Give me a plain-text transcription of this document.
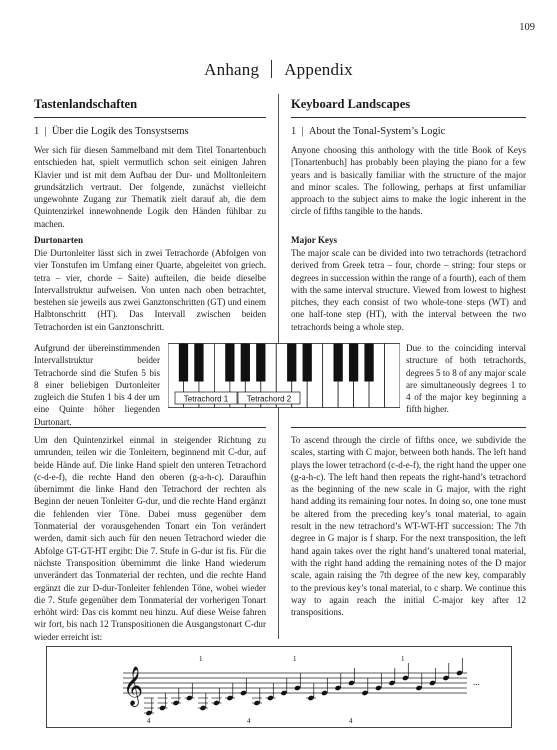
109
Anhang Appendix
Tastenlandschaften
1  |  Über die Logik des Tonsystsems

Wer sich für diesen Sammelband mit dem Titel Tonartenbuch entschieden hat, spielt vermutlich schon seit einigen Jahren Klavier und ist mit dem Aufbau der Dur- und Molltonleitern grundsätzlich vertraut. Der folgende, zunächst vielleicht ungewohnte Zugang zur Thematik zielt darauf ab, die dem Quintenzirkel innewohnende Logik den Händen fühlbar zu machen.

Durtonarten

Die Durtonleiter lässt sich in zwei Tetrachorde (Abfolgen von vier Tonstufen im Umfang einer Quarte, abgeleitet von griech. tetra – vier, chorde – Saite) aufteilen, die beide dieselbe Intervallstruktur aufweisen. Von unten nach oben betrachtet, bestehen sie jeweils aus zwei Ganztonschritten (GT) und einem Halbtonschritt (HT). Das Intervall zwischen beiden Tetrachorden ist ein Ganztonschritt.

Aufgrund der übereinstimmenden Intervallstruktur beider Tetrachorde sind die Stufen 5 bis 8 einer beliebigen Durtonleiter zugleich die Stufen 1 bis 4 der um eine Quinte höher liegenden Durtonart.

Um den Quintenzirkel einmal in steigender Richtung zu umrunden, teilen wir die Tonleitern, beginnend mit C-dur, auf beide Hände auf. Die linke Hand spielt den unteren Tetrachord (c-d-e-f), die rechte Hand den oberen (g-a-h-c). Daraufhin übernimmt die linke Hand den Tetrachord der rechten als Beginn der neuen Tonleiter G-dur, und die rechte Hand ergänzt die fehlenden vier Töne. Dabei muss gegenüber dem Tonmaterial der vorausgehenden Tonart ein Ton verändert werden, damit sich auch für den neuen Tetrachord wieder die Abfolge GT-GT-HT ergibt: Die 7. Stufe in G-dur ist fis. Für die nächste Transposition übernimmt die linke Hand wiederum unverändert das Tonmaterial der rechten, und die rechte Hand ergänzt die zur D-dur-Tonleiter fehlenden Töne, wobei wieder die 7. Stufe gegenüber dem Tonmaterial der vorherigen Tonart erhöht wird: Das cis kommt neu hinzu. Auf diese Weise fahren wir fort, bis nach 12 Transpositionen die Ausgangstonart C-dur wieder erreicht ist:

Keyboard Landscapes
1  |  About the Tonal-System’s Logic

Anyone choosing this anthology with the title Book of Keys [Tonartenbuch] has probably been playing the piano for a few years and is basically familiar with the structure of the major and minor scales. The following, perhaps at first unfamiliar approach to the subject aims to make the logic inherent in the circle of fifths tangible to the hands.

Major Keys

The major scale can be divided into two tetrachords (tetrachord derived from Greek tetra – four, chorde – string: four steps or degrees in succession within the range of a fourth), each of them with the same interval structure. Viewed from lowest to highest pitches, they each consist of two whole-tone steps (WT) and one half-tone step (HT), with the interval between the two tetrachords being a whole step.

Due to the coinciding interval structure of both tetrachords, degrees 5 to 8 of any major scale are simultaneously degrees 1 to 4 of the major key beginning a fifth higher.

To ascend through the circle of fifths once, we subdivide the scales, starting with C major, between both hands. The left hand plays the lower tetrachord (c-d-e-f), the right hand the upper one (g-a-h-c). The left hand then repeats the right-hand’s tetrachord as the beginning of the new scale in G major, with the right hand adding its remaining four notes. In doing so, one tone must be altered from the preceding key’s tonal material, to again result in the new tetrachord’s WT-WT-HT succession: The 7th degree in G major is f sharp. For the next transposition, the left hand again takes over the right hand’s unaltered tonal material, with the right hand adding the remaining notes of the D major scale, again raising the 7th degree of the new key, comparably to the previous key’s tonal material, to c sharp. We continue this way to again reach the initial C-major key after 12 transpositions.

Tetrachord 1 Tetrachord 2
𝄞
1	1	1
4	4	4
...
